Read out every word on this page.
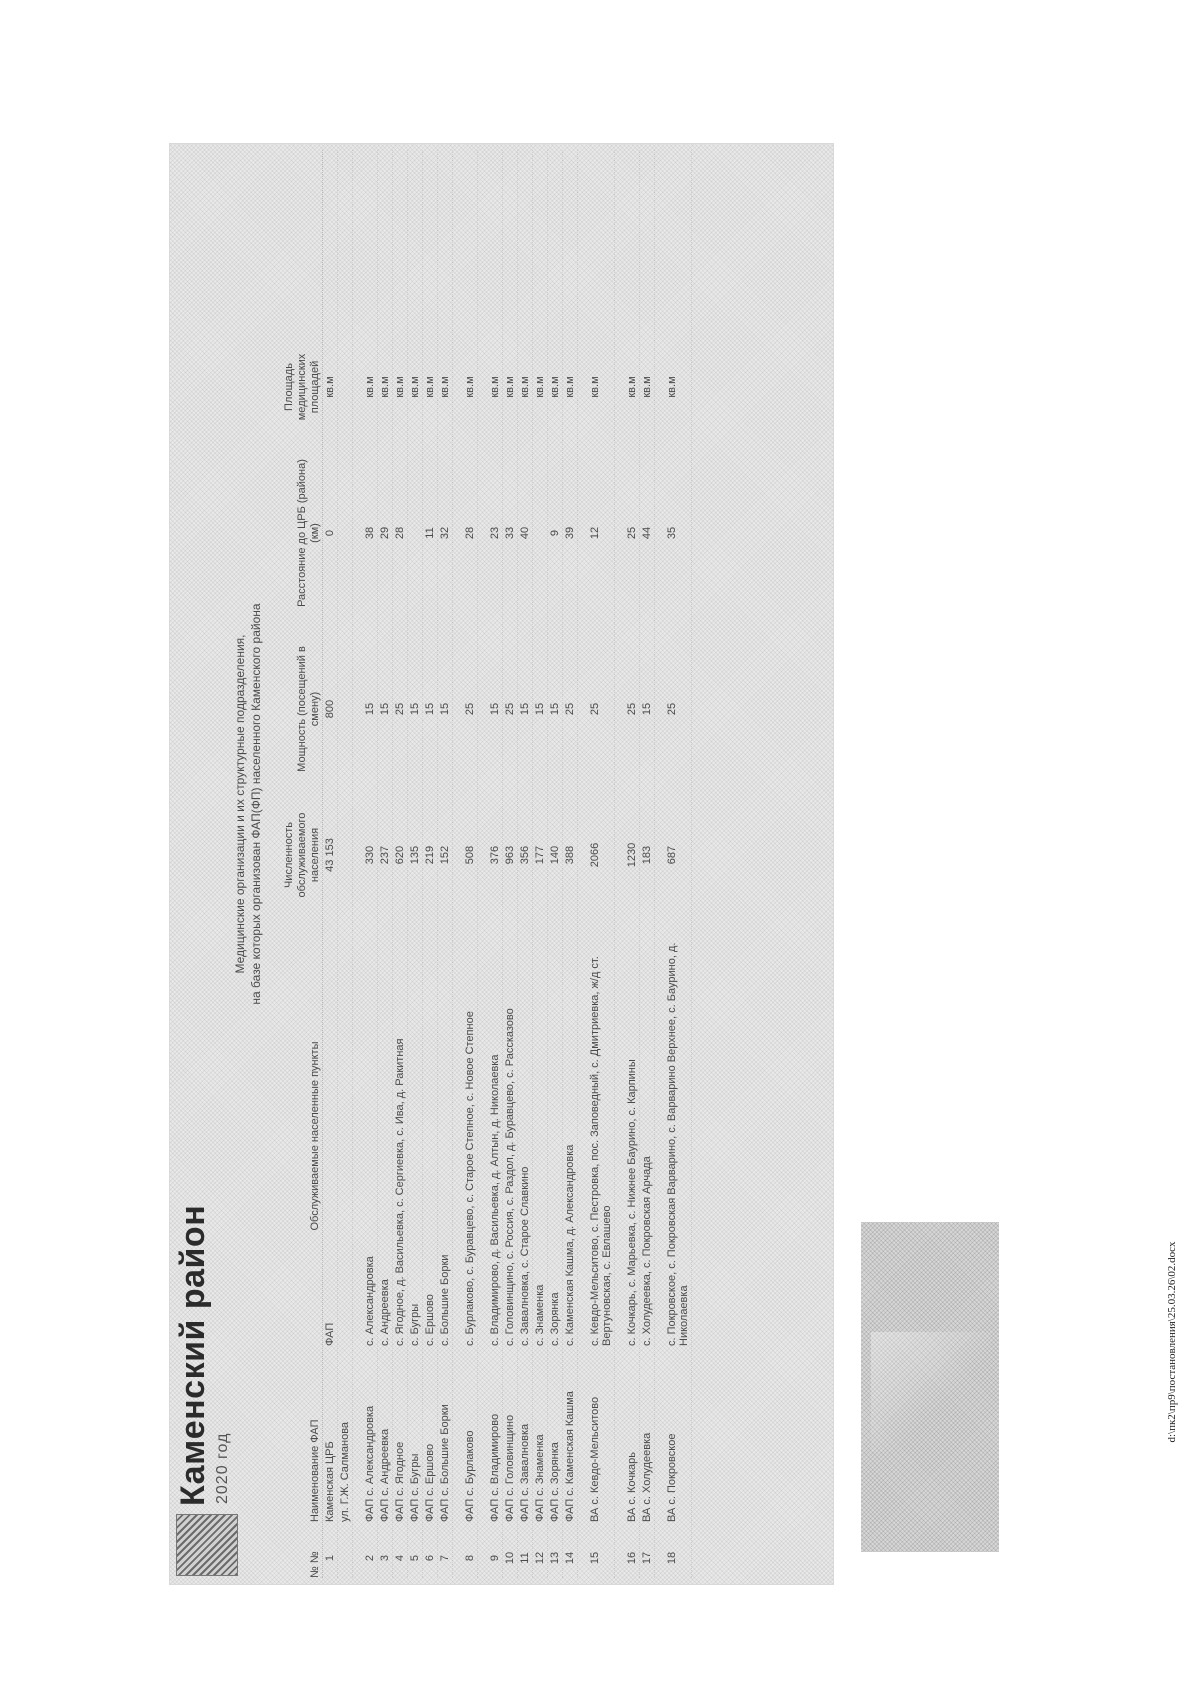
Каменский район 2020 год
Медицинские организации и их структурные подразделения, на базе которых организован ФАП(ФП) населенного Каменского района
№ №
Наименование ФАП
Обслуживаемые населенные пункты
Численность обслуживаемого населения
Мощность (посещений в смену)
Расстояние до ЦРБ (района) (км)
Площадь медицинских площадей
1
Каменская ЦРБ
ФАП
43 153
800
0
кв.м
ул. Г.Ж. Салманова
2
ФАП с. Александровка
с. Александровка
330
15
38
кв.м
3
ФАП с. Андреевка
с. Андреевка
237
15
29
кв.м
4
ФАП с. Ягодное
с. Ягодное, д. Васильевка, с. Сергиевка, с. Ива, д. Ракитная
620
25
28
кв.м
5
ФАП с. Бугры
с. Бугры
135
15
кв.м
6
ФАП с. Ершово
с. Ершово
219
15
11
кв.м
7
ФАП с. Большие Борки
с. Большие Борки
152
15
32
кв.м
8
ФАП с. Бурлаково
с. Бурлаково, с. Буравцево, с. Старое Степное, с. Новое Степное
508
25
28
кв.м
9
ФАП с. Владимирово
с. Владимирово, д. Васильевка, д. Алтын, д. Николаевка
376
15
23
кв.м
10
ФАП с. Головинщино
с. Головинщино, с. Россия, с. Раздол, д. Буравцево, с. Рассказово
963
25
33
кв.м
11
ФАП с. Завалновка
с. Завалновка, с. Старое Славкино
356
15
40
кв.м
12
ФАП с. Знаменка
с. Знаменка
177
15
кв.м
13
ФАП с. Зорянка
с. Зорянка
140
15
9
кв.м
14
ФАП с. Каменская Кашма
с. Каменская Кашма, д. Александровка
388
25
39
кв.м
15
ВА с. Кевдо-Мельситово
с. Кевдо-Мельситово, с. Пестровка, пос. Заповедный, с. Дмитриевка, ж/д ст. Вертуновская, с. Евлашево
2066
25
12
кв.м
16
ВА с. Кочкарь
с. Кочкарь, с. Марьевка, с. Нижнее Баурино, с. Карпины
1230
25
25
кв.м
17
ВА с. Холудеевка
с. Холудеевка, с. Покровская Арчада
183
15
44
кв.м
18
ВА с. Покровское
с. Покровское, с. Покровская Варварино, с. Варварино Верхнее, с. Баурино, д. Николаевка
687
25
35
кв.м
d:\пк2\пр9\постановления\25.03.26\02.docx
